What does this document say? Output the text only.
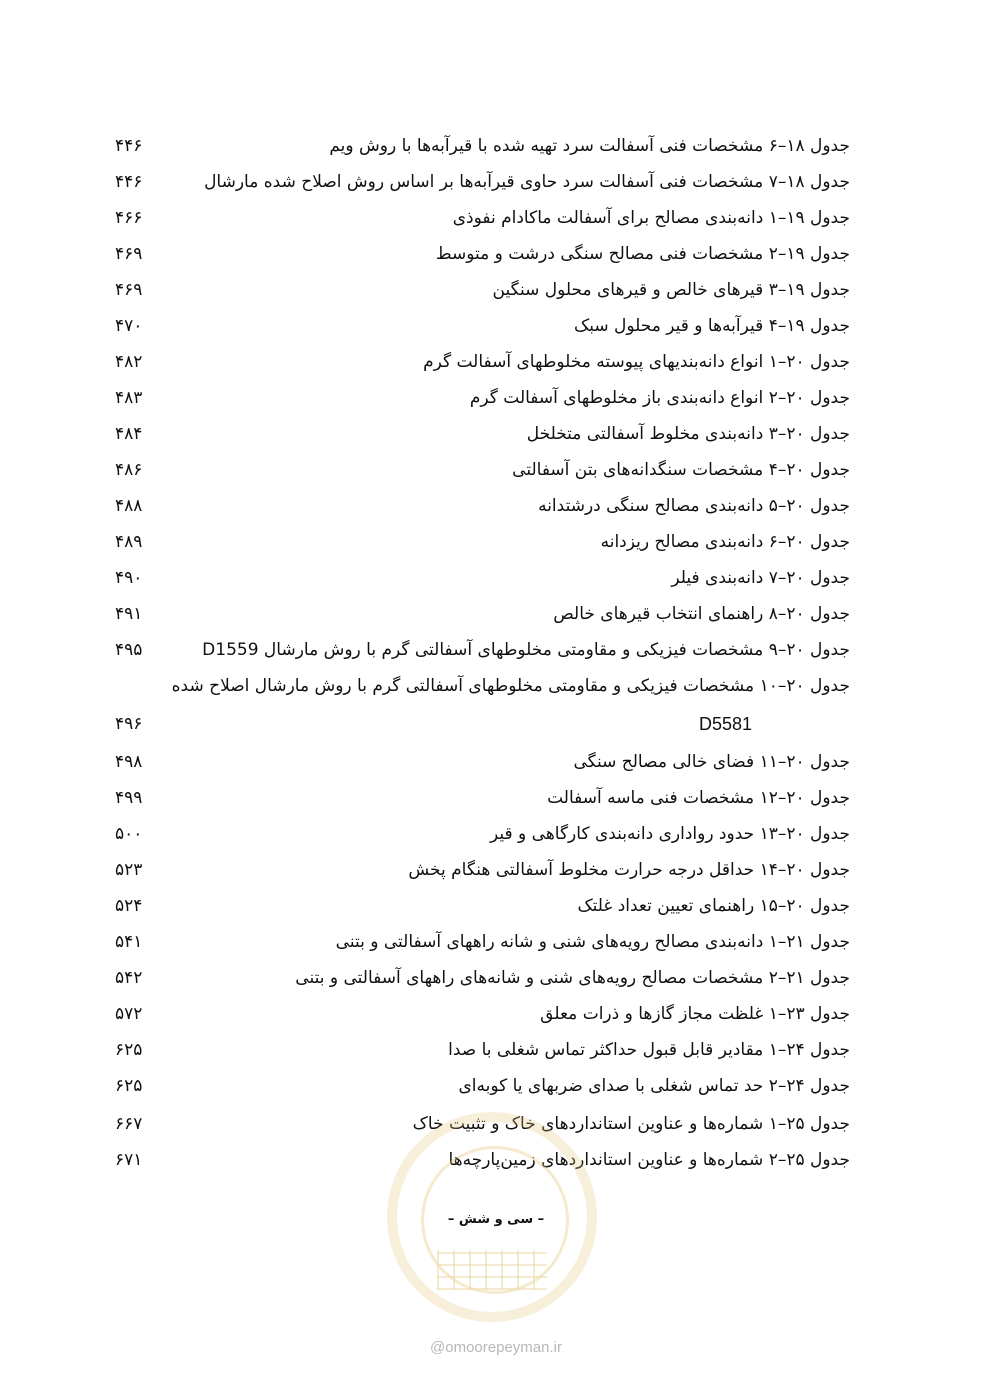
جدول ۱۸–۶ مشخصات فنی آسفالت سرد تهیه شده با قیرآبه‌ها با روش ویم
۴۴۶
جدول ۱۸–۷ مشخصات فنی آسفالت سرد حاوی قیرآبه‌ها بر اساس روش اصلاح شده مارشال
۴۴۶
جدول ۱۹–۱ دانه‌بندی مصالح برای آسفالت ماکادام نفوذی
۴۶۶
جدول ۱۹–۲ مشخصات فنی مصالح سنگی درشت و متوسط
۴۶۹
جدول ۱۹–۳ قیرهای خالص و قیرهای محلول سنگین
۴۶۹
جدول ۱۹–۴ قیرآبه‌ها و قیر محلول سبک
۴۷۰
جدول ۲۰–۱ انواع دانه‌بندیهای پیوسته مخلوطهای آسفالت گرم
۴۸۲
جدول ۲۰–۲ انواع دانه‌بندی باز مخلوطهای آسفالت گرم
۴۸۳
جدول ۲۰–۳ دانه‌بندی مخلوط آسفالتی متخلخل
۴۸۴
جدول ۲۰–۴ مشخصات سنگدانه‌های بتن آسفالتی
۴۸۶
جدول ۲۰–۵ دانه‌بندی مصالح سنگی درشتدانه
۴۸۸
جدول ۲۰–۶ دانه‌بندی مصالح ریزدانه
۴۸۹
جدول ۲۰–۷ دانه‌بندی فیلر
۴۹۰
جدول ۲۰–۸ راهنمای انتخاب قیرهای خالص
۴۹۱
جدول ۲۰–۹ مشخصات فیزیکی و مقاومتی مخلوطهای آسفالتی گرم با روش مارشال D1559
۴۹۵
جدول ۲۰–۱۰ مشخصات فیزیکی و مقاومتی مخلوطهای آسفالتی گرم با روش مارشال اصلاح شده
D5581
۴۹۶
جدول ۲۰–۱۱ فضای خالی مصالح سنگی
۴۹۸
جدول ۲۰–۱۲ مشخصات فنی ماسه آسفالت
۴۹۹
جدول ۲۰–۱۳ حدود رواداری دانه‌بندی کارگاهی و قیر
۵۰۰
جدول ۲۰–۱۴ حداقل درجه حرارت مخلوط آسفالتی هنگام پخش
۵۲۳
جدول ۲۰–۱۵ راهنمای تعیین تعداد غلتک
۵۲۴
جدول ۲۱–۱ دانه‌بندی مصالح رویه‌های شنی و شانه راههای آسفالتی و بتنی
۵۴۱
جدول ۲۱–۲ مشخصات مصالح رویه‌های شنی و شانه‌های راههای آسفالتی و بتنی
۵۴۲
جدول ۲۳–۱ غلظت مجاز گازها و ذرات معلق
۵۷۲
جدول ۲۴–۱ مقادیر قابل قبول حداکثر تماس شغلی با صدا
۶۲۵
جدول ۲۴–۲ حد تماس شغلی با صدای ضربهای یا کوبه‌ای
۶۲۵
جدول ۲۵–۱ شماره‌ها و عناوین استانداردهای خاک و تثبیت خاک
۶۶۷
جدول ۲۵–۲ شماره‌ها و عناوین استانداردهای زمین‌پارچه‌ها
۶۷۱
– سی و شش –
@omoorepeyman.ir
